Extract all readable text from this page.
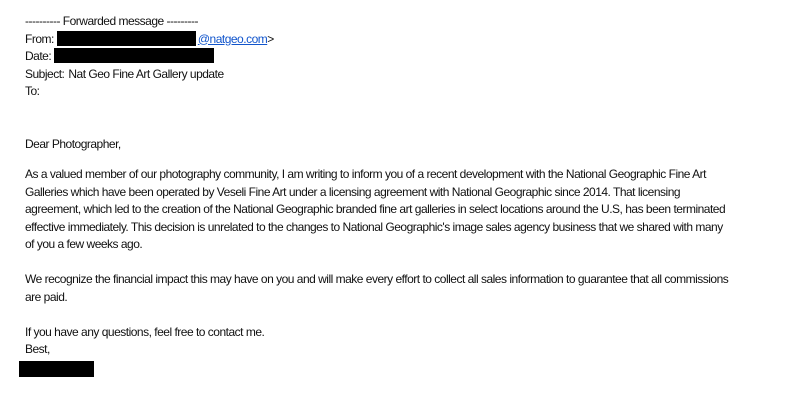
---------- Forwarded message ---------
From:	@natgeo.com>
Date:
Subject: Nat Geo Fine Art Gallery update
To:
Dear Photographer,
As a valued member of our photography community, I am writing to inform you of a recent development with the National Geographic Fine Art
Galleries which have been operated by Veseli Fine Art under a licensing agreement with National Geographic since 2014. That licensing
agreement, which led to the creation of the National Geographic branded fine art galleries in select locations around the U.S, has been terminated
effective immediately. This decision is unrelated to the changes to National Geographic's image sales agency business that we shared with many
of you a few weeks ago.
We recognize the financial impact this may have on you and will make every effort to collect all sales information to guarantee that all commissions
are paid.
If you have any questions, feel free to contact me.
Best,
